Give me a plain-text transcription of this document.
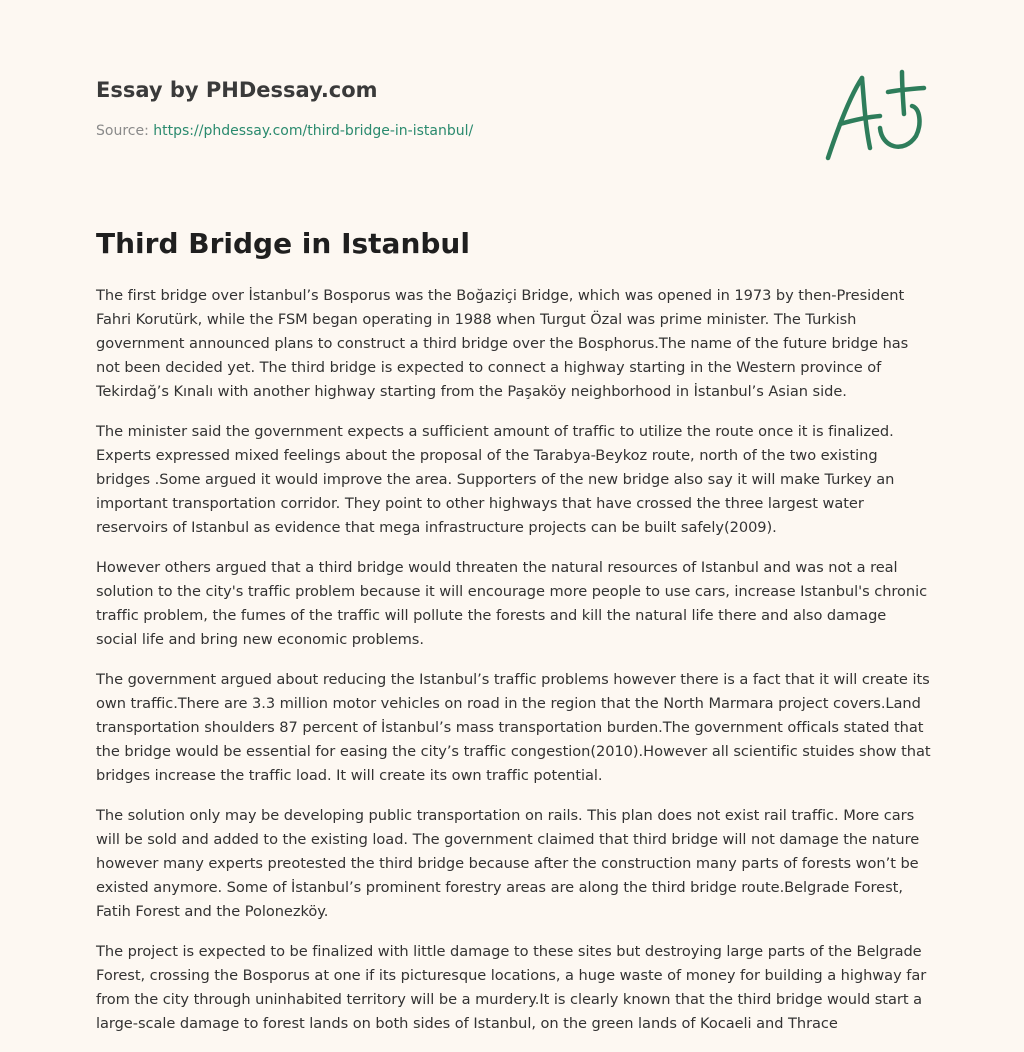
Essay by PHDessay.com
Source: https://phdessay.com/third-bridge-in-istanbul/
Third Bridge in Istanbul

The first bridge over İstanbul’s Bosporus was the Boğaziçi Bridge, which was opened in 1973 by then-President Fahri Korutürk, while the FSM began operating in 1988 when Turgut Özal was prime minister. The Turkish government announced plans to construct a third bridge over the Bosphorus.The name of the future bridge has not been decided yet. The third bridge is expected to connect a highway starting in the Western province of Tekirdağ’s Kınalı with another highway starting from the Paşaköy neighborhood in İstanbul’s Asian side.

The minister said the government expects a sufficient amount of traffic to utilize the route once it is finalized. Experts expressed mixed feelings about the proposal of the Tarabya-Beykoz route, north of the two existing bridges .Some argued it would improve the area. Supporters of the new bridge also say it will make Turkey an important transportation corridor. They point to other highways that have crossed the three largest water reservoirs of Istanbul as evidence that mega infrastructure projects can be built safely(2009).

However others argued that a third bridge would threaten the natural resources of Istanbul and was not a real solution to the city's traffic problem because it will encourage more people to use cars, increase Istanbul's chronic traffic problem, the fumes of the traffic will pollute the forests and kill the natural life there and also damage social life and bring new economic problems.

The government argued about reducing the Istanbul’s traffic problems however there is a fact that it will create its own traffic.There are 3.3 million motor vehicles on road in the region that the North Marmara project covers.Land transportation shoulders 87 percent of İstanbul’s mass transportation burden.The government officals stated that the bridge would be essential for easing the city’s traffic congestion(2010).However all scientific stuides show that bridges increase the traffic load. It will create its own traffic potential.

The solution only may be developing public transportation on rails. This plan does not exist rail traffic. More cars will be sold and added to the existing load. The government claimed that third bridge will not damage the nature however many experts preotested the third bridge because after the construction many parts of forests won’t be existed anymore. Some of İstanbul’s prominent forestry areas are along the third bridge route.Belgrade Forest, Fatih Forest and the Polonezköy.

The project is expected to be finalized with little damage to these sites but destroying large parts of the Belgrade Forest, crossing the Bosporus at one if its picturesque locations, a huge waste of money for building a highway far from the city through uninhabited territory will be a murdery.It is clearly known that the third bridge would start a large-scale damage to forest lands on both sides of Istanbul, on the green lands of Kocaeli and Thrace
